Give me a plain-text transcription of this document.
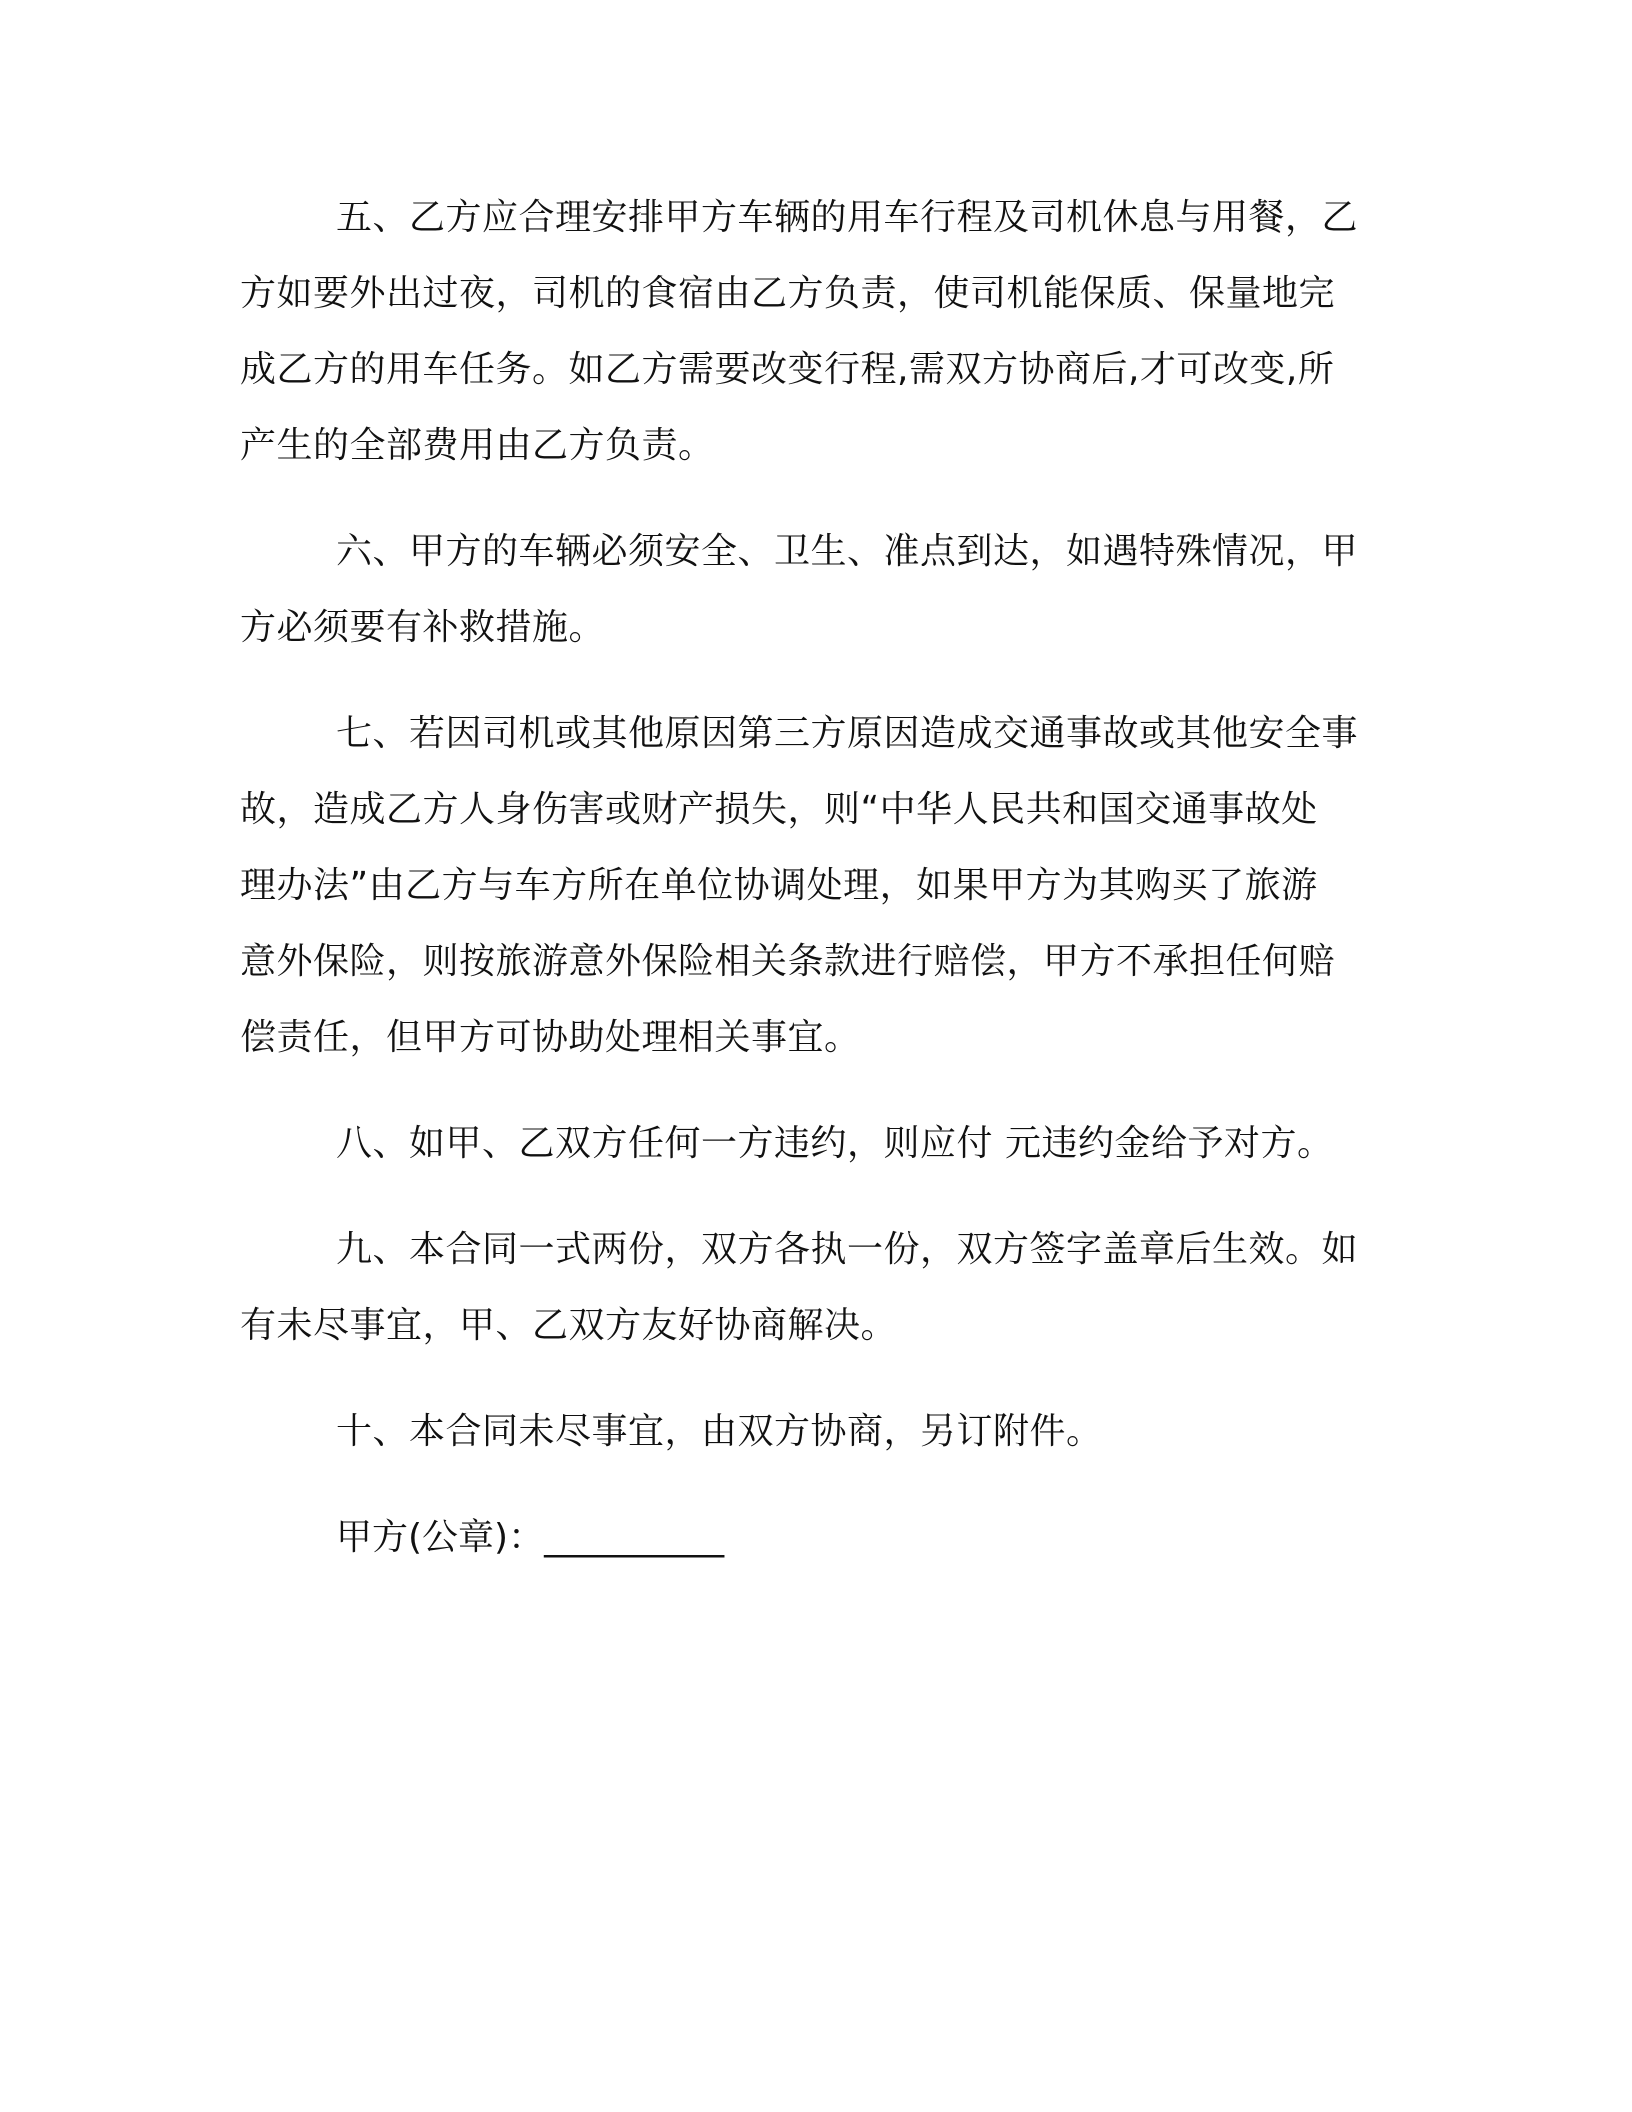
五、乙方应合理安排甲方车辆的用车行程及司机休息与用餐，乙
方如要外出过夜，司机的食宿由乙方负责，使司机能保质、保量地完
成乙方的用车任务。如乙方需要改变行程,需双方协商后,才可改变,所
产生的全部费用由乙方负责。

六、甲方的车辆必须安全、卫生、准点到达，如遇特殊情况，甲
方必须要有补救措施。

七、若因司机或其他原因第三方原因造成交通事故或其他安全事
故，造成乙方人身伤害或财产损失，则“中华人民共和国交通事故处
理办法”由乙方与车方所在单位协调处理，如果甲方为其购买了旅游
意外保险，则按旅游意外保险相关条款进行赔偿，甲方不承担任何赔
偿责任，但甲方可协助处理相关事宜。

八、如甲、乙双方任何一方违约，则应付 元违约金给予对方。

九、本合同一式两份，双方各执一份，双方签字盖章后生效。如
有未尽事宜，甲、乙双方友好协商解决。

十、本合同未尽事宜，由双方协商，另订附件。

甲方(公章)：__________
